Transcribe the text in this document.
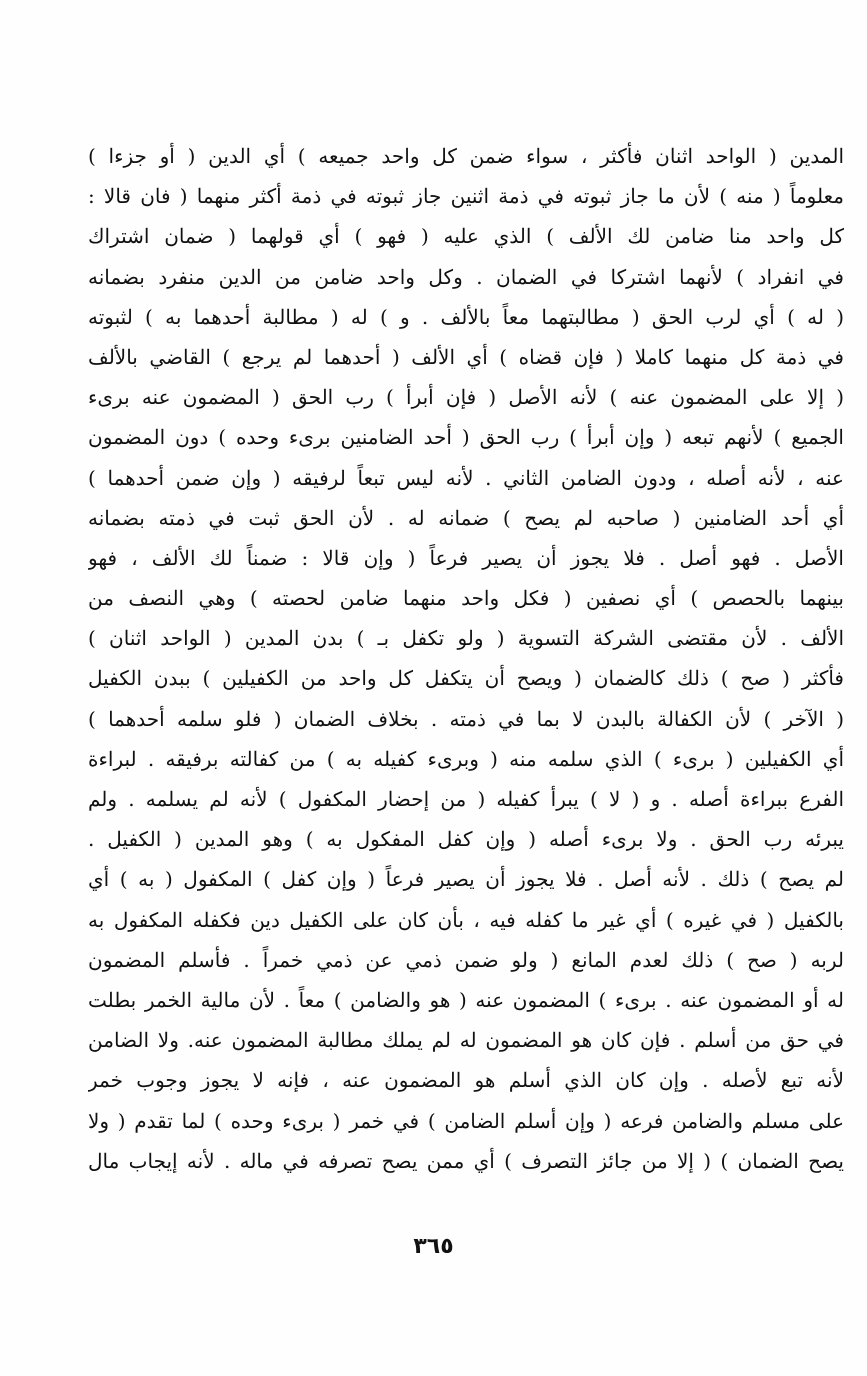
المدين ( الواحد اثنان فأكثر ، سواء ضمن كل واحد جميعه ) أي الدين ( أو جزءا )
معلوماً ( منه ) لأن ما جاز ثبوته في ذمة اثنين جاز ثبوته في ذمة أكثر منهما ( فان قالا :
كل واحد منا ضامن لك الألف ) الذي عليه ( فهو ) أي قولهما ( ضمان اشتراك
في انفراد ) لأنهما اشتركا في الضمان . وكل واحد ضامن من الدين منفرد بضمانه
( له ) أي لرب الحق ( مطالبتهما معاً بالألف . و ) له ( مطالبة أحدهما به ) لثبوته
في ذمة كل منهما كاملا ( فإن قضاه ) أي الألف ( أحدهما لم يرجع ) القاضي بالألف
( إلا على المضمون عنه ) لأنه الأصل ( فإن أبرأ ) رب الحق ( المضمون عنه برىء
الجميع ) لأنهم تبعه ( وإن أبرأ ) رب الحق ( أحد الضامنين برىء وحده ) دون المضمون
عنه ، لأنه أصله ، ودون الضامن الثاني . لأنه ليس تبعاً لرفيقه ( وإن ضمن أحدهما )
أي أحد الضامنين ( صاحبه لم يصح ) ضمانه له . لأن الحق ثبت في ذمته بضمانه
الأصل . فهو أصل . فلا يجوز أن يصير فرعاً ( وإن قالا : ضمناً لك الألف ، فهو
بينهما بالحصص ) أي نصفين ( فكل واحد منهما ضامن لحصته ) وهي النصف من
الألف . لأن مقتضى الشركة التسوية ( ولو تكفل بـ ) بدن المدين ( الواحد اثنان )
فأكثر ( صح ) ذلك كالضمان ( ويصح أن يتكفل كل واحد من الكفيلين ) ببدن الكفيل
( الآخر ) لأن الكفالة بالبدن لا بما في ذمته . بخلاف الضمان ( فلو سلمه أحدهما )
أي الكفيلين ( برىء ) الذي سلمه منه ( وبرىء كفيله به ) من كفالته برفيقه . لبراءة
الفرع ببراءة أصله . و ( لا ) يبرأ كفيله ( من إحضار المكفول ) لأنه لم يسلمه . ولم
يبرئه رب الحق . ولا برىء أصله ( وإن كفل المفكول به ) وهو المدين ( الكفيل .
لم يصح ) ذلك . لأنه أصل . فلا يجوز أن يصير فرعاً ( وإن كفل ) المكفول ( به ) أي
بالكفيل ( في غيره ) أي غير ما كفله فيه ، بأن كان على الكفيل دين فكفله المكفول به
لربه ( صح ) ذلك لعدم المانع ( ولو ضمن ذمي عن ذمي خمراً . فأسلم المضمون
له أو المضمون عنه . برىء ) المضمون عنه ( هو والضامن ) معاً . لأن مالية الخمر بطلت
في حق من أسلم . فإن كان هو المضمون له لم يملك مطالبة المضمون عنه. ولا الضامن
لأنه تبع لأصله . وإن كان الذي أسلم هو المضمون عنه ، فإنه لا يجوز وجوب خمر
على مسلم والضامن فرعه ( وإن أسلم الضامن ) في خمر ( برىء وحده ) لما تقدم ( ولا
يصح الضمان ) ( إلا من جائز التصرف ) أي ممن يصح تصرفه في ماله . لأنه إيجاب مال
٣٦٥
